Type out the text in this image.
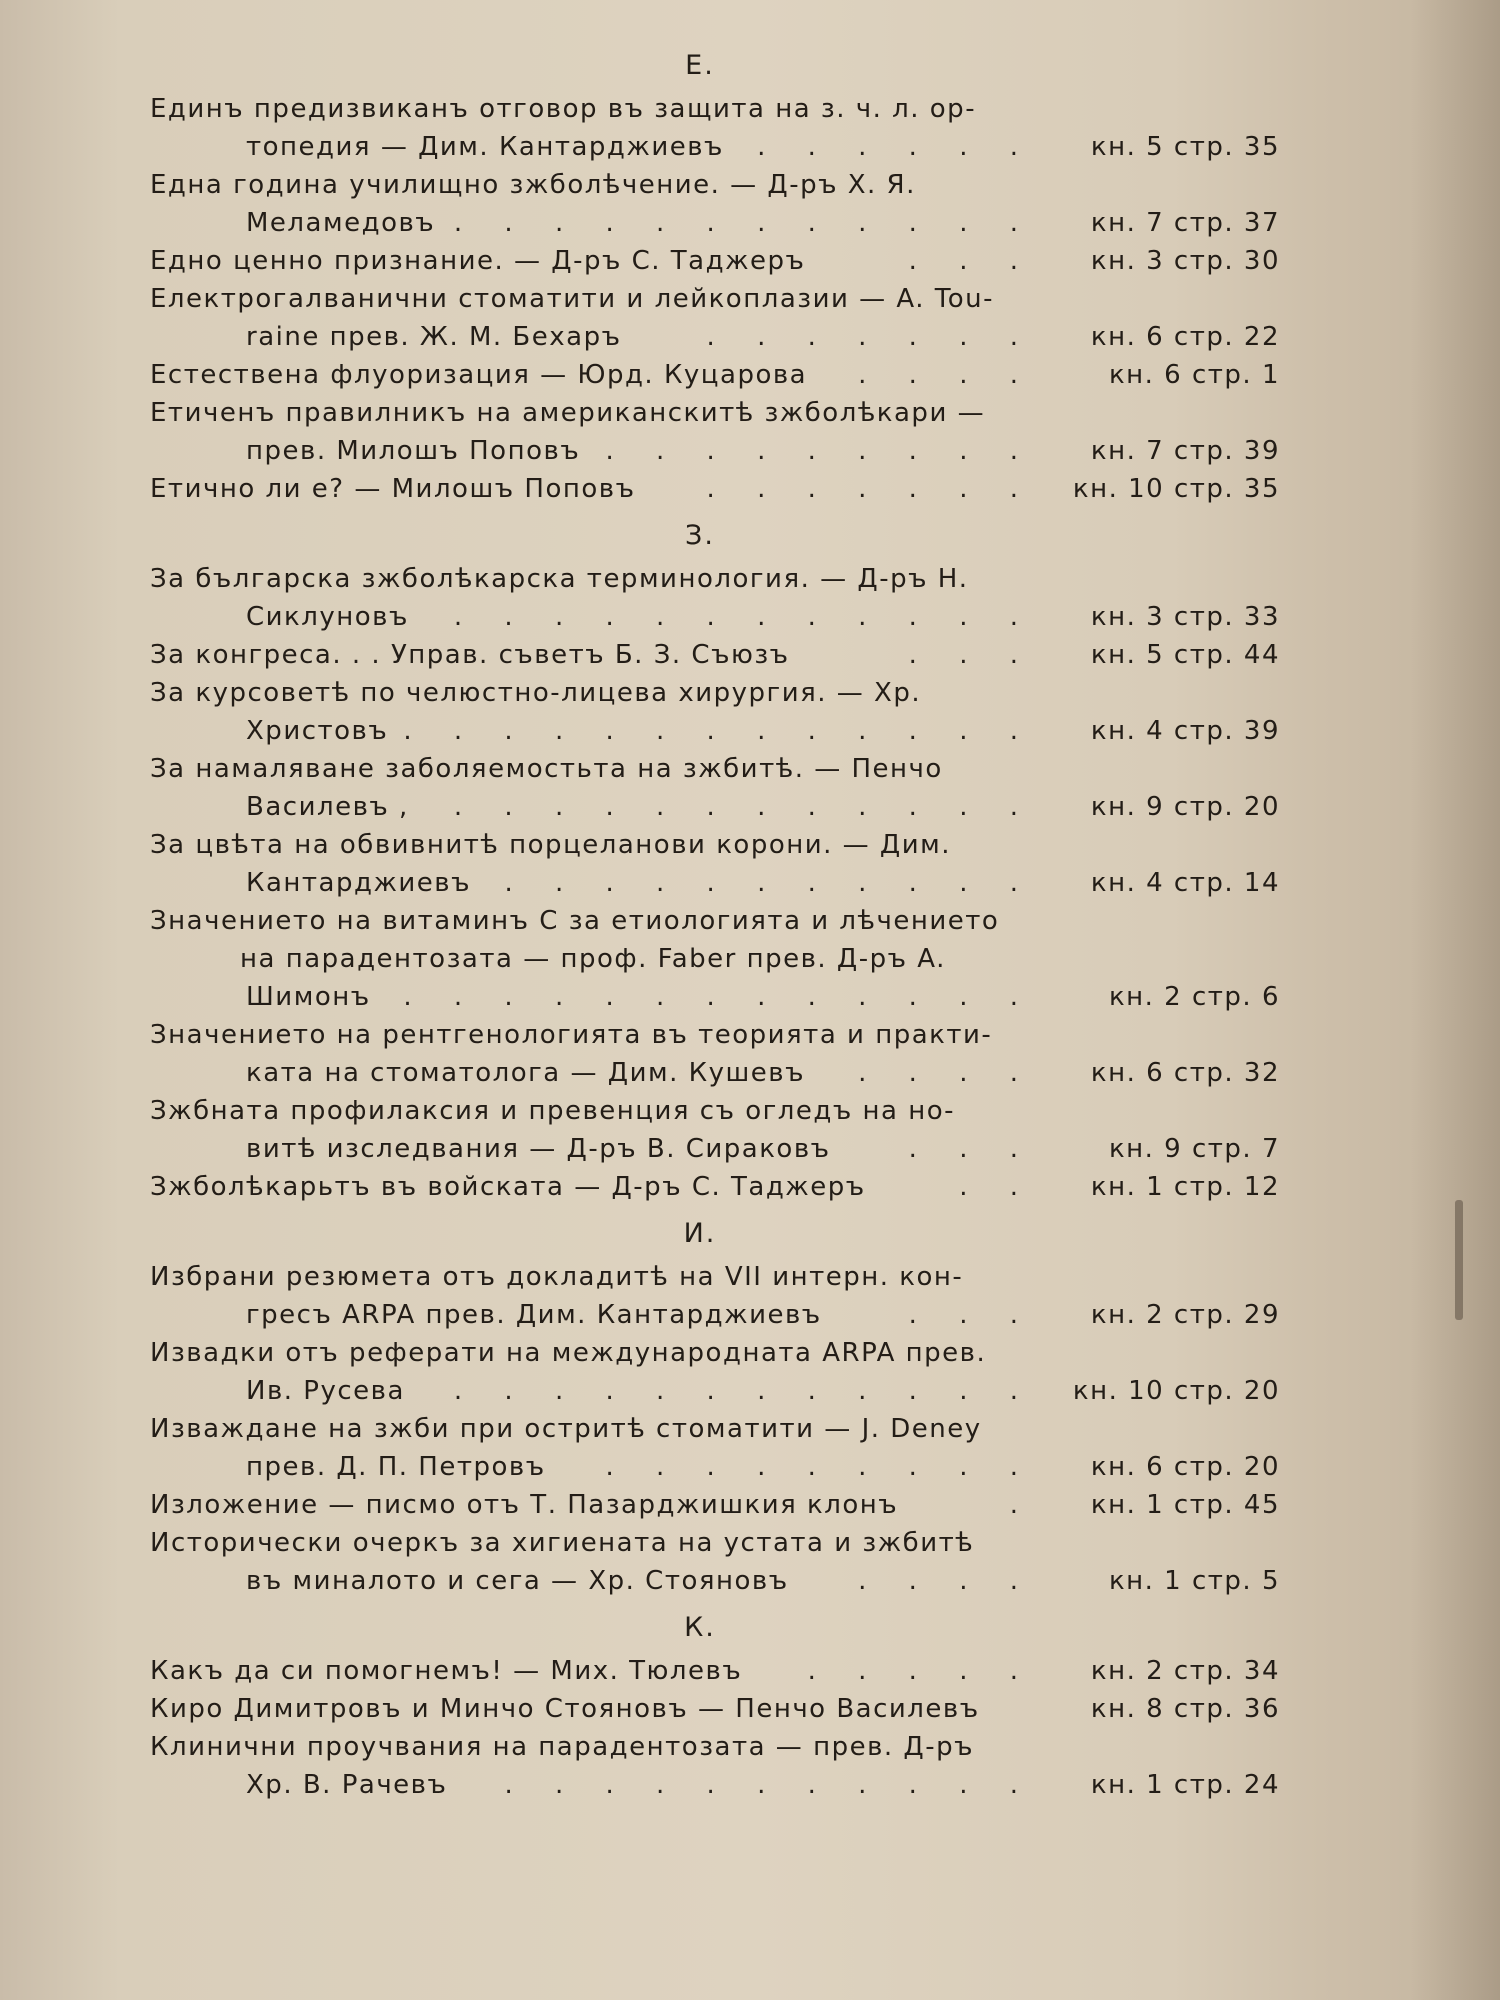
Е.
Единъ предизвиканъ отговор въ защита на з. ч. л. ор-
топедия — Дим. Кантарджиевъ . . . . . .	кн. 5 стр. 35
Една година училищно зжболѣчение. — Д-ръ Х. Я.
Меламедовъ . . . . . . . . . . . .	кн. 7 стр. 37
Едно ценно признание. — Д-ръ С. Таджеръ	. . .	кн. 3 стр. 30
Електрогалванични стоматити и лейкоплазии — A. Tou-
raine прев. Ж. М. Бехаръ	. . . . . . .	кн. 6 стр. 22
Естествена флуоризация — Юрд. Куцарова . . . .	кн. 6 стр. 1
Етиченъ правилникъ на американскитѣ зжболѣкари —
прев. Милошъ Поповъ . . . . . . . . .	кн. 7 стр. 39
Етично ли е? — Милошъ Поповъ	. . . . . . .	кн. 10 стр. 35
З.
За българска зжболѣкарска терминология. — Д-ръ Н.
Сиклуновъ . . . . . . . . . . . .	кн. 3 стр. 33
За конгреса. . . Управ. съветъ Б. З. Съюзъ	. . .	кн. 5 стр. 44
За курсоветѣ по челюстно-лицева хирургия. — Хр.
Христовъ . . . . . . . . . . . . .	кн. 4 стр. 39
За намаляване заболяемостьта на зжбитѣ. — Пенчо
Василевъ , . . . . . . . . . . . .	кн. 9 стр. 20
За цвѣта на обвивнитѣ порцеланови корони. — Дим.
Кантарджиевъ . . . . . . . . . . .	кн. 4 стр. 14
Значението на витаминъ С за етиологията и лѣчението
на парадентозата — проф. Faber прев. Д-ръ A.
Шимонъ . . . . . . . . . . . . .	кн. 2 стр. 6
Значението на рентгенологията въ теорията и практи-
ката на стоматолога — Дим. Кушевъ . . . .	кн. 6 стр. 32
Зжбната профилаксия и превенция съ огледъ на но-
витѣ изследвания — Д-ръ В. Сираковъ	. . .	кн. 9 стр. 7
Зжболѣкарьтъ въ войската — Д-ръ С. Таджеръ	. .	кн. 1 стр. 12
И.
Избрани резюмета отъ докладитѣ на VII интерн. кон-
гресъ ARPA прев. Дим. Кантарджиевъ	. . .	кн. 2 стр. 29
Извадки отъ реферати на международната ARPA прев.
Ив. Русева . . . . . . . . . . . .	кн. 10 стр. 20
Изваждане на зжби при остритѣ стоматити — J. Deney
прев. Д. П. Петровъ . . . . . . . . .	кн. 6 стр. 20
Изложение — писмо отъ Т. Пазарджишкия клонъ	.	кн. 1 стр. 45
Исторически очеркъ за хигиената на устата и зжбитѣ
въ миналото и сега — Хр. Стояновъ	. . . .	кн. 1 стр. 5
К.
Какъ да си помогнемъ! — Мих. Тюлевъ	. . . . .	кн. 2 стр. 34
Киро Димитровъ и Минчо Стояновъ — Пенчо Василевъ	кн. 8 стр. 36
Клинични проучвания на парадентозата — прев. Д-ръ
Хр. В. Рачевъ . . . . . . . . . . .	кн. 1 стр. 24
